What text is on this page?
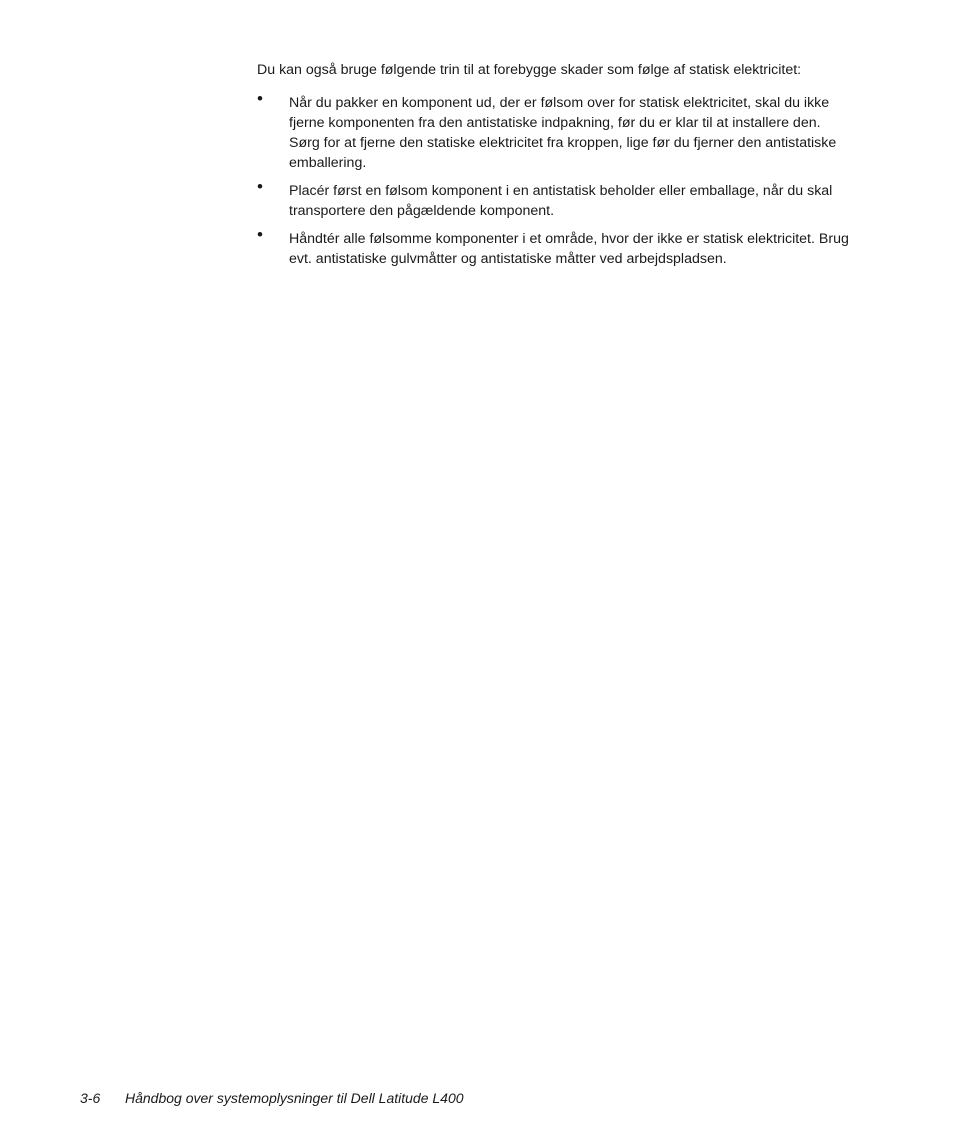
Du kan også bruge følgende trin til at forebygge skader som følge af statisk elektricitet:

• Når du pakker en komponent ud, der er følsom over for statisk elektricitet, skal du ikke fjerne komponenten fra den antistatiske indpakning, før du er klar til at installere den. Sørg for at fjerne den statiske elektricitet fra kroppen, lige før du fjerner den antistatiske emballering.
• Placér først en følsom komponent i en antistatisk beholder eller emballage, når du skal transportere den pågældende komponent.
• Håndtér alle følsomme komponenter i et område, hvor der ikke er statisk elektricitet. Brug evt. antistatiske gulvmåtter og antistatiske måtter ved arbejdspladsen.
3-6 Håndbog over systemoplysninger til Dell Latitude L400
